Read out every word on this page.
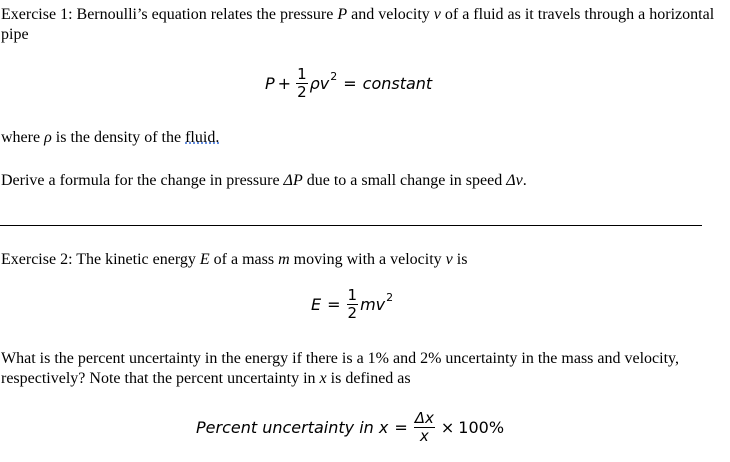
Exercise 1: Bernoulli’s equation relates the pressure P and velocity v of a fluid as it travels through a horizontal pipe

$P + \frac{1}{2}$ ρv 2 = constant

where ρ is the density of the fluid.

Derive a formula for the change in pressure ΔP due to a small change in speed Δv.

Exercise 2: The kinetic energy E of a mass m moving with a velocity v is

$E = \frac{1}{2}$ mv 2

What is the percent uncertainty in the energy if there is a 1% and 2% uncertainty in the mass and velocity, respectively? Note that the percent uncertainty in x is defined as

Percent uncertainty in $x = \frac{\Delta x}{x} \times 100\%$
